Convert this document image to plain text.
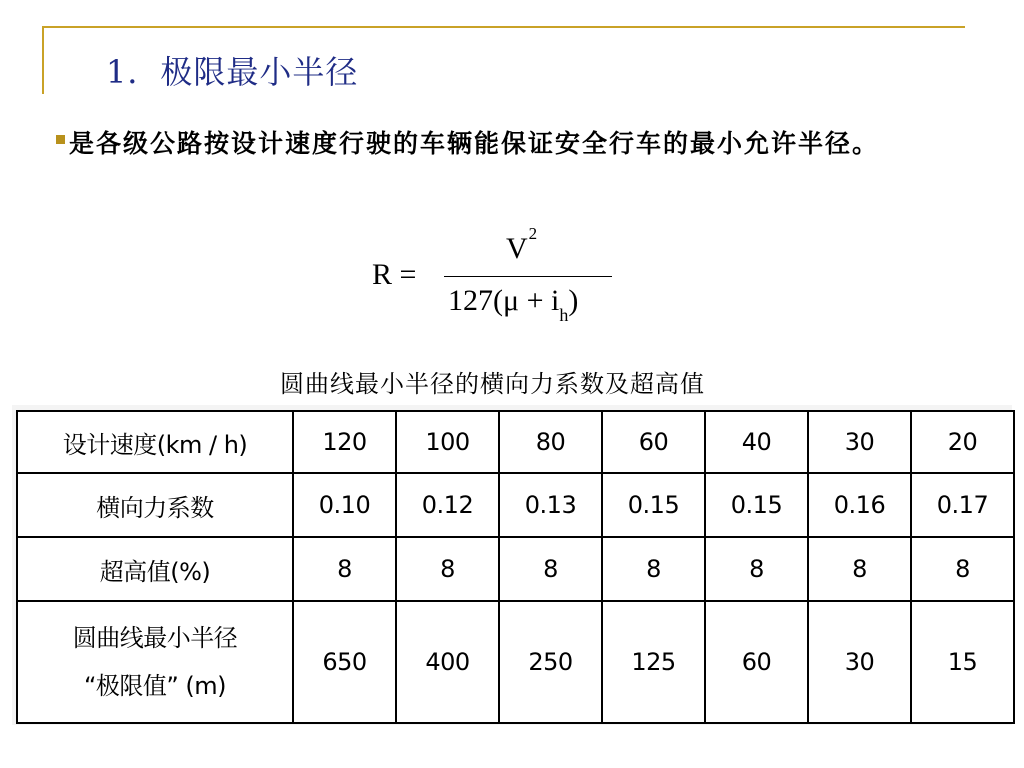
1．极限最小半径
是各级公路按设计速度行驶的车辆能保证安全行车的最小允许半径。
R =
$V^2$
$127(\mu + i_h)$
圆曲线最小半径的横向力系数及超高值
设计速度(km / h)	120	100	80	60	40	30	20
横向力系数	0.10	0.12	0.13	0.15	0.15	0.16	0.17
超高值(%)	8	8	8	8	8	8	8

圆曲线最小半径
“极限值” (m)	650	400	250	125	60	30	15
